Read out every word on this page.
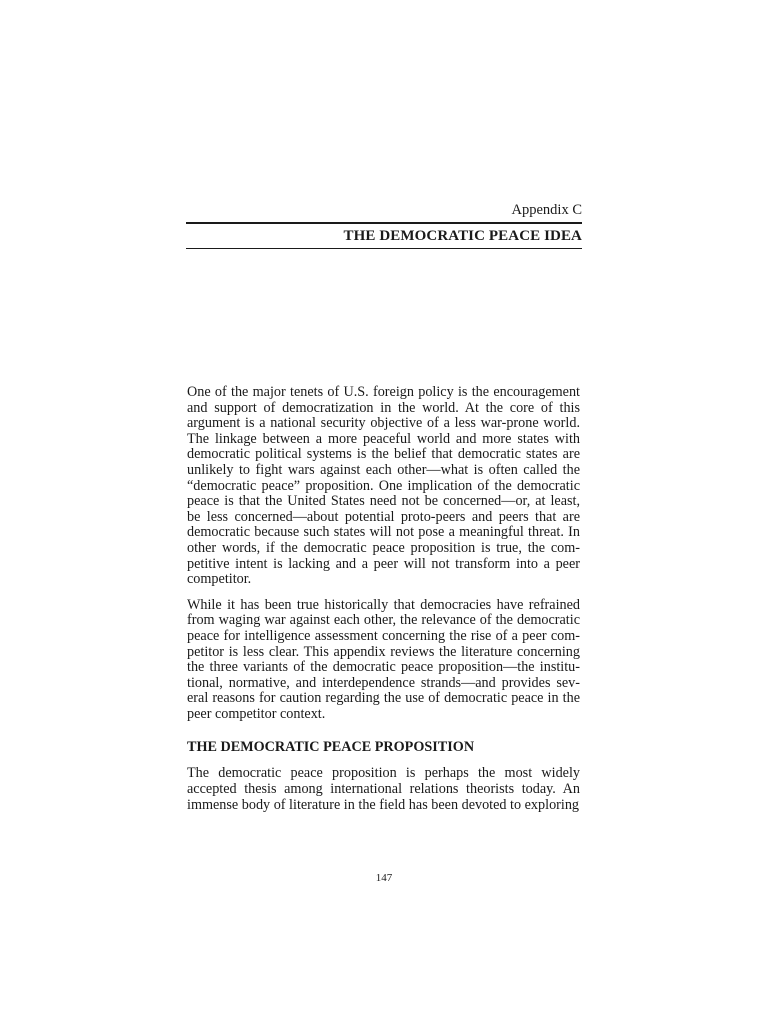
Appendix C
THE DEMOCRATIC PEACE IDEA

One of the major tenets of U.S. foreign policy is the encouragement and support of democratization in the world. At the core of this argument is a national security objective of a less war-prone world. The linkage between a more peaceful world and more states with democratic political systems is the belief that democratic states are unlikely to fight wars against each other—what is often called the “democratic peace” proposition. One implication of the democratic peace is that the United States need not be concerned—or, at least, be less concerned—about potential proto-peers and peers that are democratic because such states will not pose a meaningful threat. In other words, if the democratic peace proposition is true, the competitive intent is lacking and a peer will not transform into a peer competitor.

While it has been true historically that democracies have refrained from waging war against each other, the relevance of the democratic peace for intelligence assessment concerning the rise of a peer competitor is less clear. This appendix reviews the literature concerning the three variants of the democratic peace proposition—the institutional, normative, and interdependence strands—and provides several reasons for caution regarding the use of democratic peace in the peer competitor context.

THE DEMOCRATIC PEACE PROPOSITION

The democratic peace proposition is perhaps the most widely accepted thesis among international relations theorists today. An immense body of literature in the field has been devoted to exploring

147
